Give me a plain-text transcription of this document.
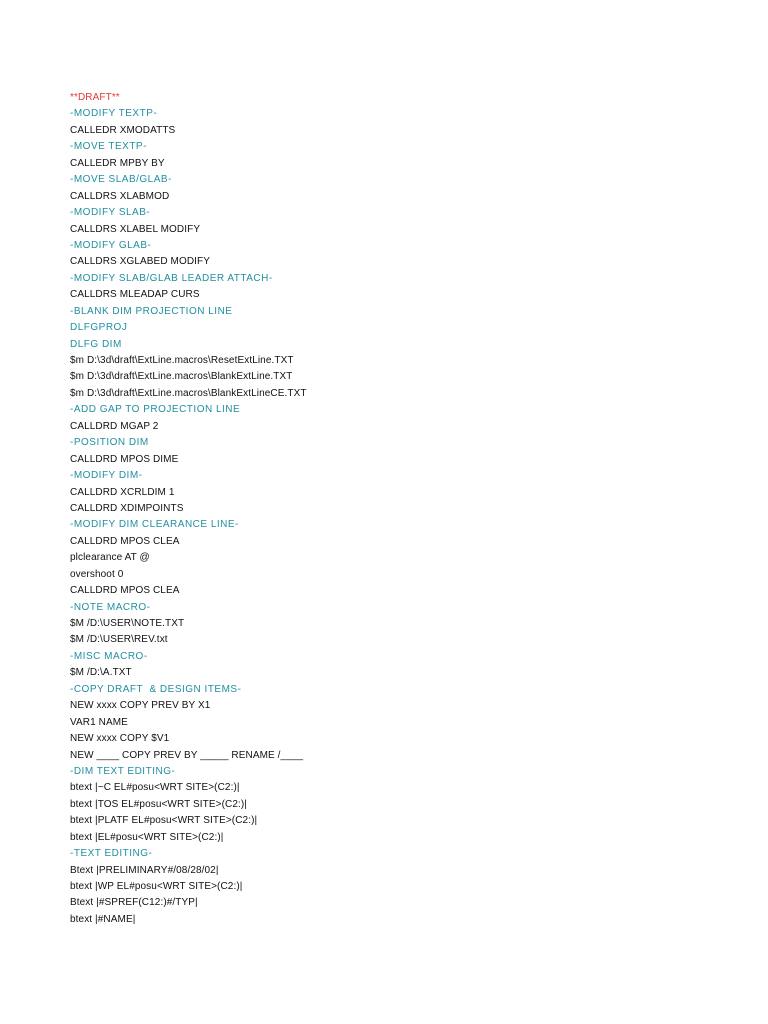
**DRAFT**
-MODIFY TEXTP-
CALLEDR XMODATTS
-MOVE TEXTP-
CALLEDR MPBY BY
-MOVE SLAB/GLAB-
CALLDRS XLABMOD
-MODIFY SLAB-
CALLDRS XLABEL MODIFY
-MODIFY GLAB-
CALLDRS XGLABED MODIFY
-MODIFY SLAB/GLAB LEADER ATTACH-
CALLDRS MLEADAP CURS
-BLANK DIM PROJECTION LINE
DLFGPROJ
DLFG DIM
$m D:\3d\draft\ExtLine.macros\ResetExtLine.TXT
$m D:\3d\draft\ExtLine.macros\BlankExtLine.TXT
$m D:\3d\draft\ExtLine.macros\BlankExtLineCE.TXT
-ADD GAP TO PROJECTION LINE
CALLDRD MGAP 2
-POSITION DIM
CALLDRD MPOS DIME
-MODIFY DIM-
CALLDRD XCRLDIM 1
CALLDRD XDIMPOINTS
-MODIFY DIM CLEARANCE LINE-
CALLDRD MPOS CLEA
plclearance AT @
overshoot 0
CALLDRD MPOS CLEA
-NOTE MACRO-
$M /D:\USER\NOTE.TXT
$M /D:\USER\REV.txt
-MISC MACRO-
$M /D:\A.TXT
-COPY DRAFT  & DESIGN ITEMS-
NEW xxxx COPY PREV BY X1
VAR1 NAME
NEW xxxx COPY $V1
NEW ____ COPY PREV BY _____ RENAME /____
-DIM TEXT EDITING-
btext |~C EL#posu<WRT SITE>(C2:)|
btext |TOS EL#posu<WRT SITE>(C2:)|
btext |PLATF EL#posu<WRT SITE>(C2:)|
btext |EL#posu<WRT SITE>(C2:)|
-TEXT EDITING-
Btext |PRELIMINARY#/08/28/02|
btext |WP EL#posu<WRT SITE>(C2:)|
Btext |#SPREF(C12:)#/TYP|
btext |#NAME|
